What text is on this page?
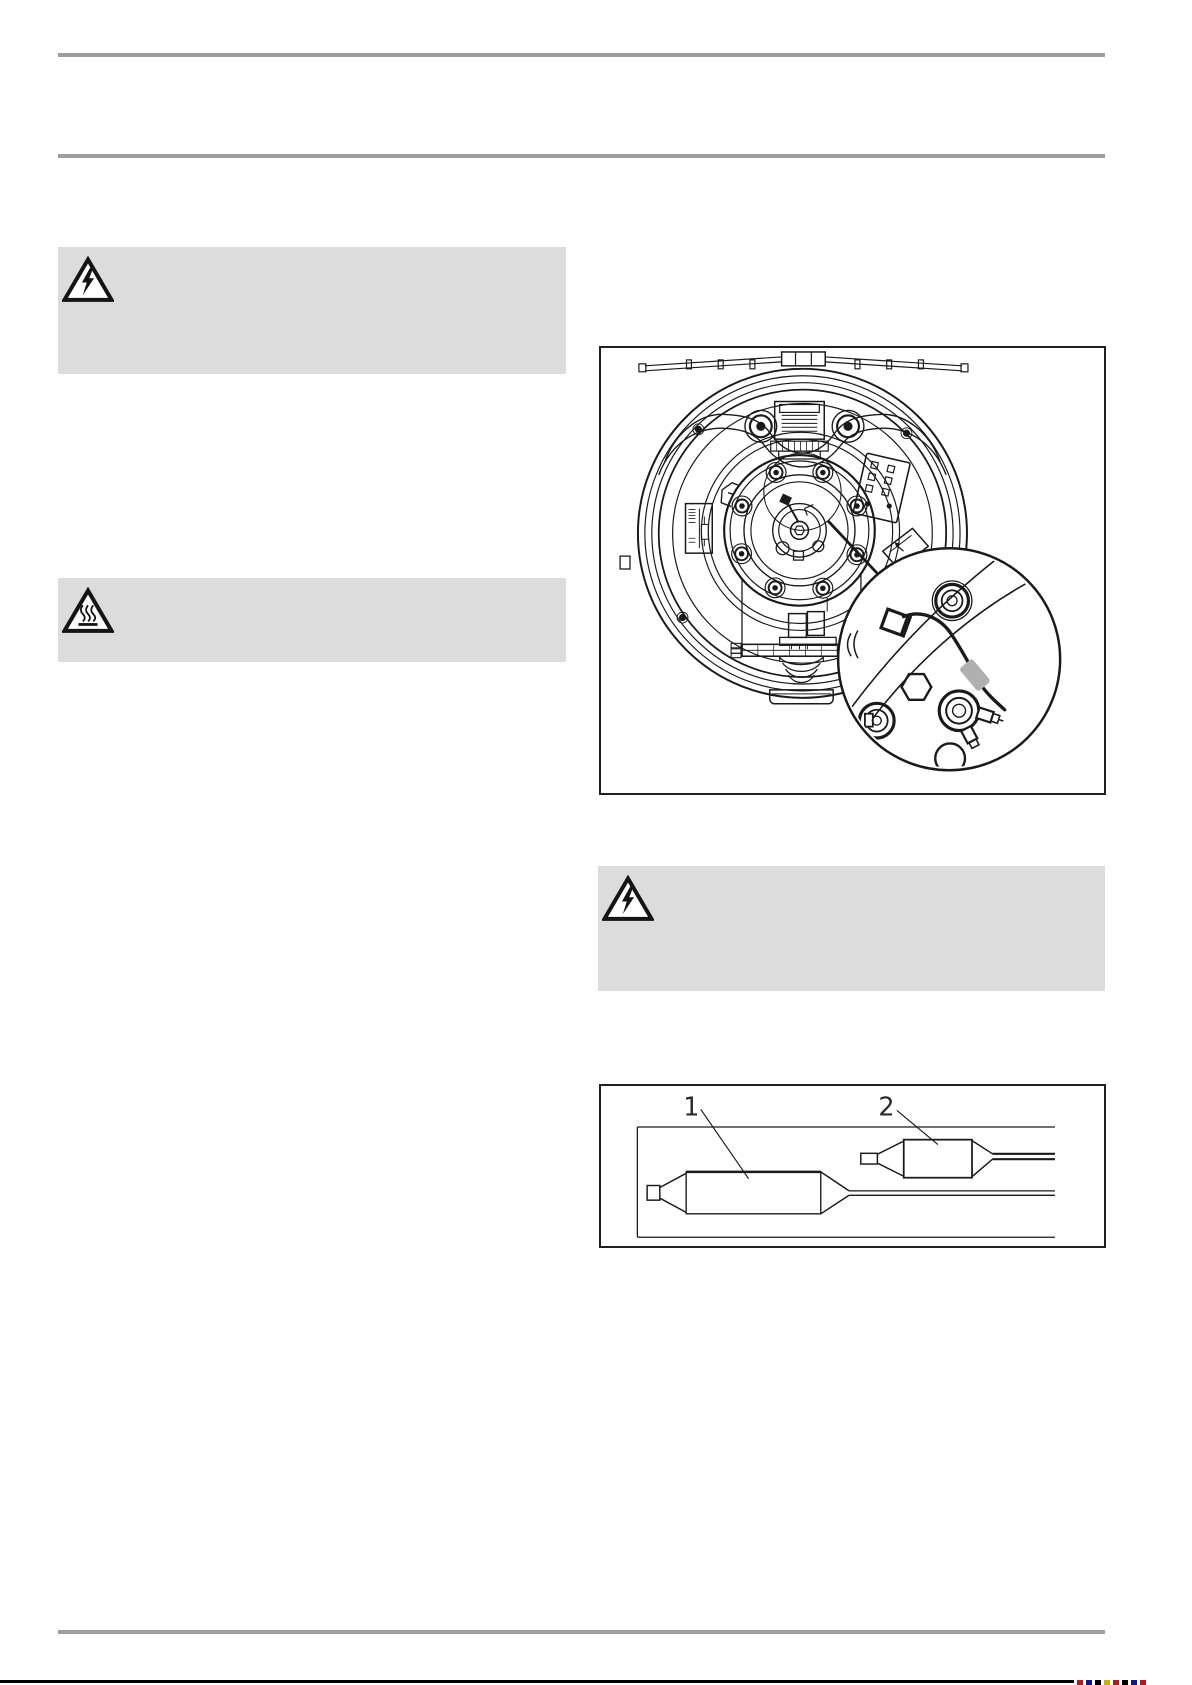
1	2
